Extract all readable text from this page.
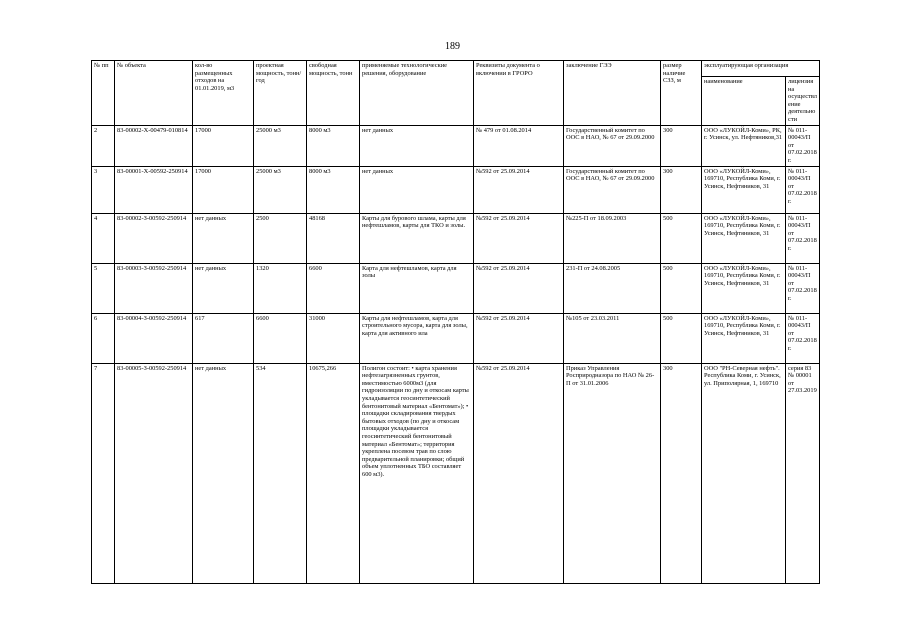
189
№ пп	№ объекта	кол-во размещенных отходов на 01.01.2019, м3	проектная мощность, тонн/год	свободная мощность, тонн	применяемые технологические решения, оборудование	Реквизиты документа о включении в ГРОРО	заключение ГЭЭ	размер наличие СЗЗ, м	эксплуатирующая организация	
									наименование	лицензия на осуществление деятельности
2	83-00002-Х-00479-010814	17000	25000 м3	8000 м3	нет данных	№ 479 от 01.08.2014	Государственный комитет по ООС в НАО, № 67 от 29.09.2000	300	ООО «ЛУКОЙЛ-Коми», РК, г. Усинск, ул. Нефтяников,31	№ 011-00043/П от 07.02.2018 г.
3	83-00001-Х-00592-250914	17000	25000 м3	8000 м3	нет данных	№592 от 25.09.2014	Государственный комитет по ООС в НАО, № 67 от 29.09.2000	300	ООО «ЛУКОЙЛ-Коми», 169710, Республика Коми, г. Усинск, Нефтяников, 31	№ 011-00043/П от 07.02.2018 г.
4	83-00002-З-00592-250914	нет данных	2500	48168	Карты для бурового шлама, карты для нефтешламов, карты для ТКО и золы.	№592 от 25.09.2014	№225-П от 18.09.2003	500	ООО «ЛУКОЙЛ-Коми», 169710, Республика Коми, г. Усинск, Нефтяников, 31	№ 011-00043/П от 07.02.2018 г.
5	83-00003-З-00592-250914	нет данных	1320	6600	Карта для нефтешламов, карта для золы	№592 от 25.09.2014	231-П от 24.08.2005	500	ООО «ЛУКОЙЛ-Коми», 169710, Республика Коми, г. Усинск, Нефтяников, 31	№ 011-00043/П от 07.02.2018 г.
6	83-00004-З-00592-250914	617	6600	31000	Карты для нефтешламов, карта для строительного мусора, карта для золы, карта для активного ила	№592 от 25.09.2014	№105 от 23.03.2011	500	ООО «ЛУКОЙЛ-Коми», 169710, Республика Коми, г. Усинск, Нефтяников, 31	№ 011-00043/П от 07.02.2018 г.
7	83-00005-З-00592-250914	нет данных	534	10675,266	Полигон состоит: • карта хранения нефтезагрязненных грунтов, вместимостью 6000м3 (для гидроизоляции по дну и откосам карты укладывается геосинтетический бентонитовый материал «Бентомат»); • площадки складирования твердых бытовых отходов (по дну и откосам площадки укладывается геосинтетический бентонитовый материал «Бентомат»; территория укреплена посевом трав по слою предварительной планировки; общий объем уплотненных ТБО составляет 600 м3).	№592 от 25.09.2014	Приказ Управления Росприродназора по НАО № 26-П от 31.01.2006	300	ООО "РН-Северная нефть". Республика Коми, г. Усинск, ул. Приполярная, 1, 169710	серия 83 № 00001 от 27.03.2019
